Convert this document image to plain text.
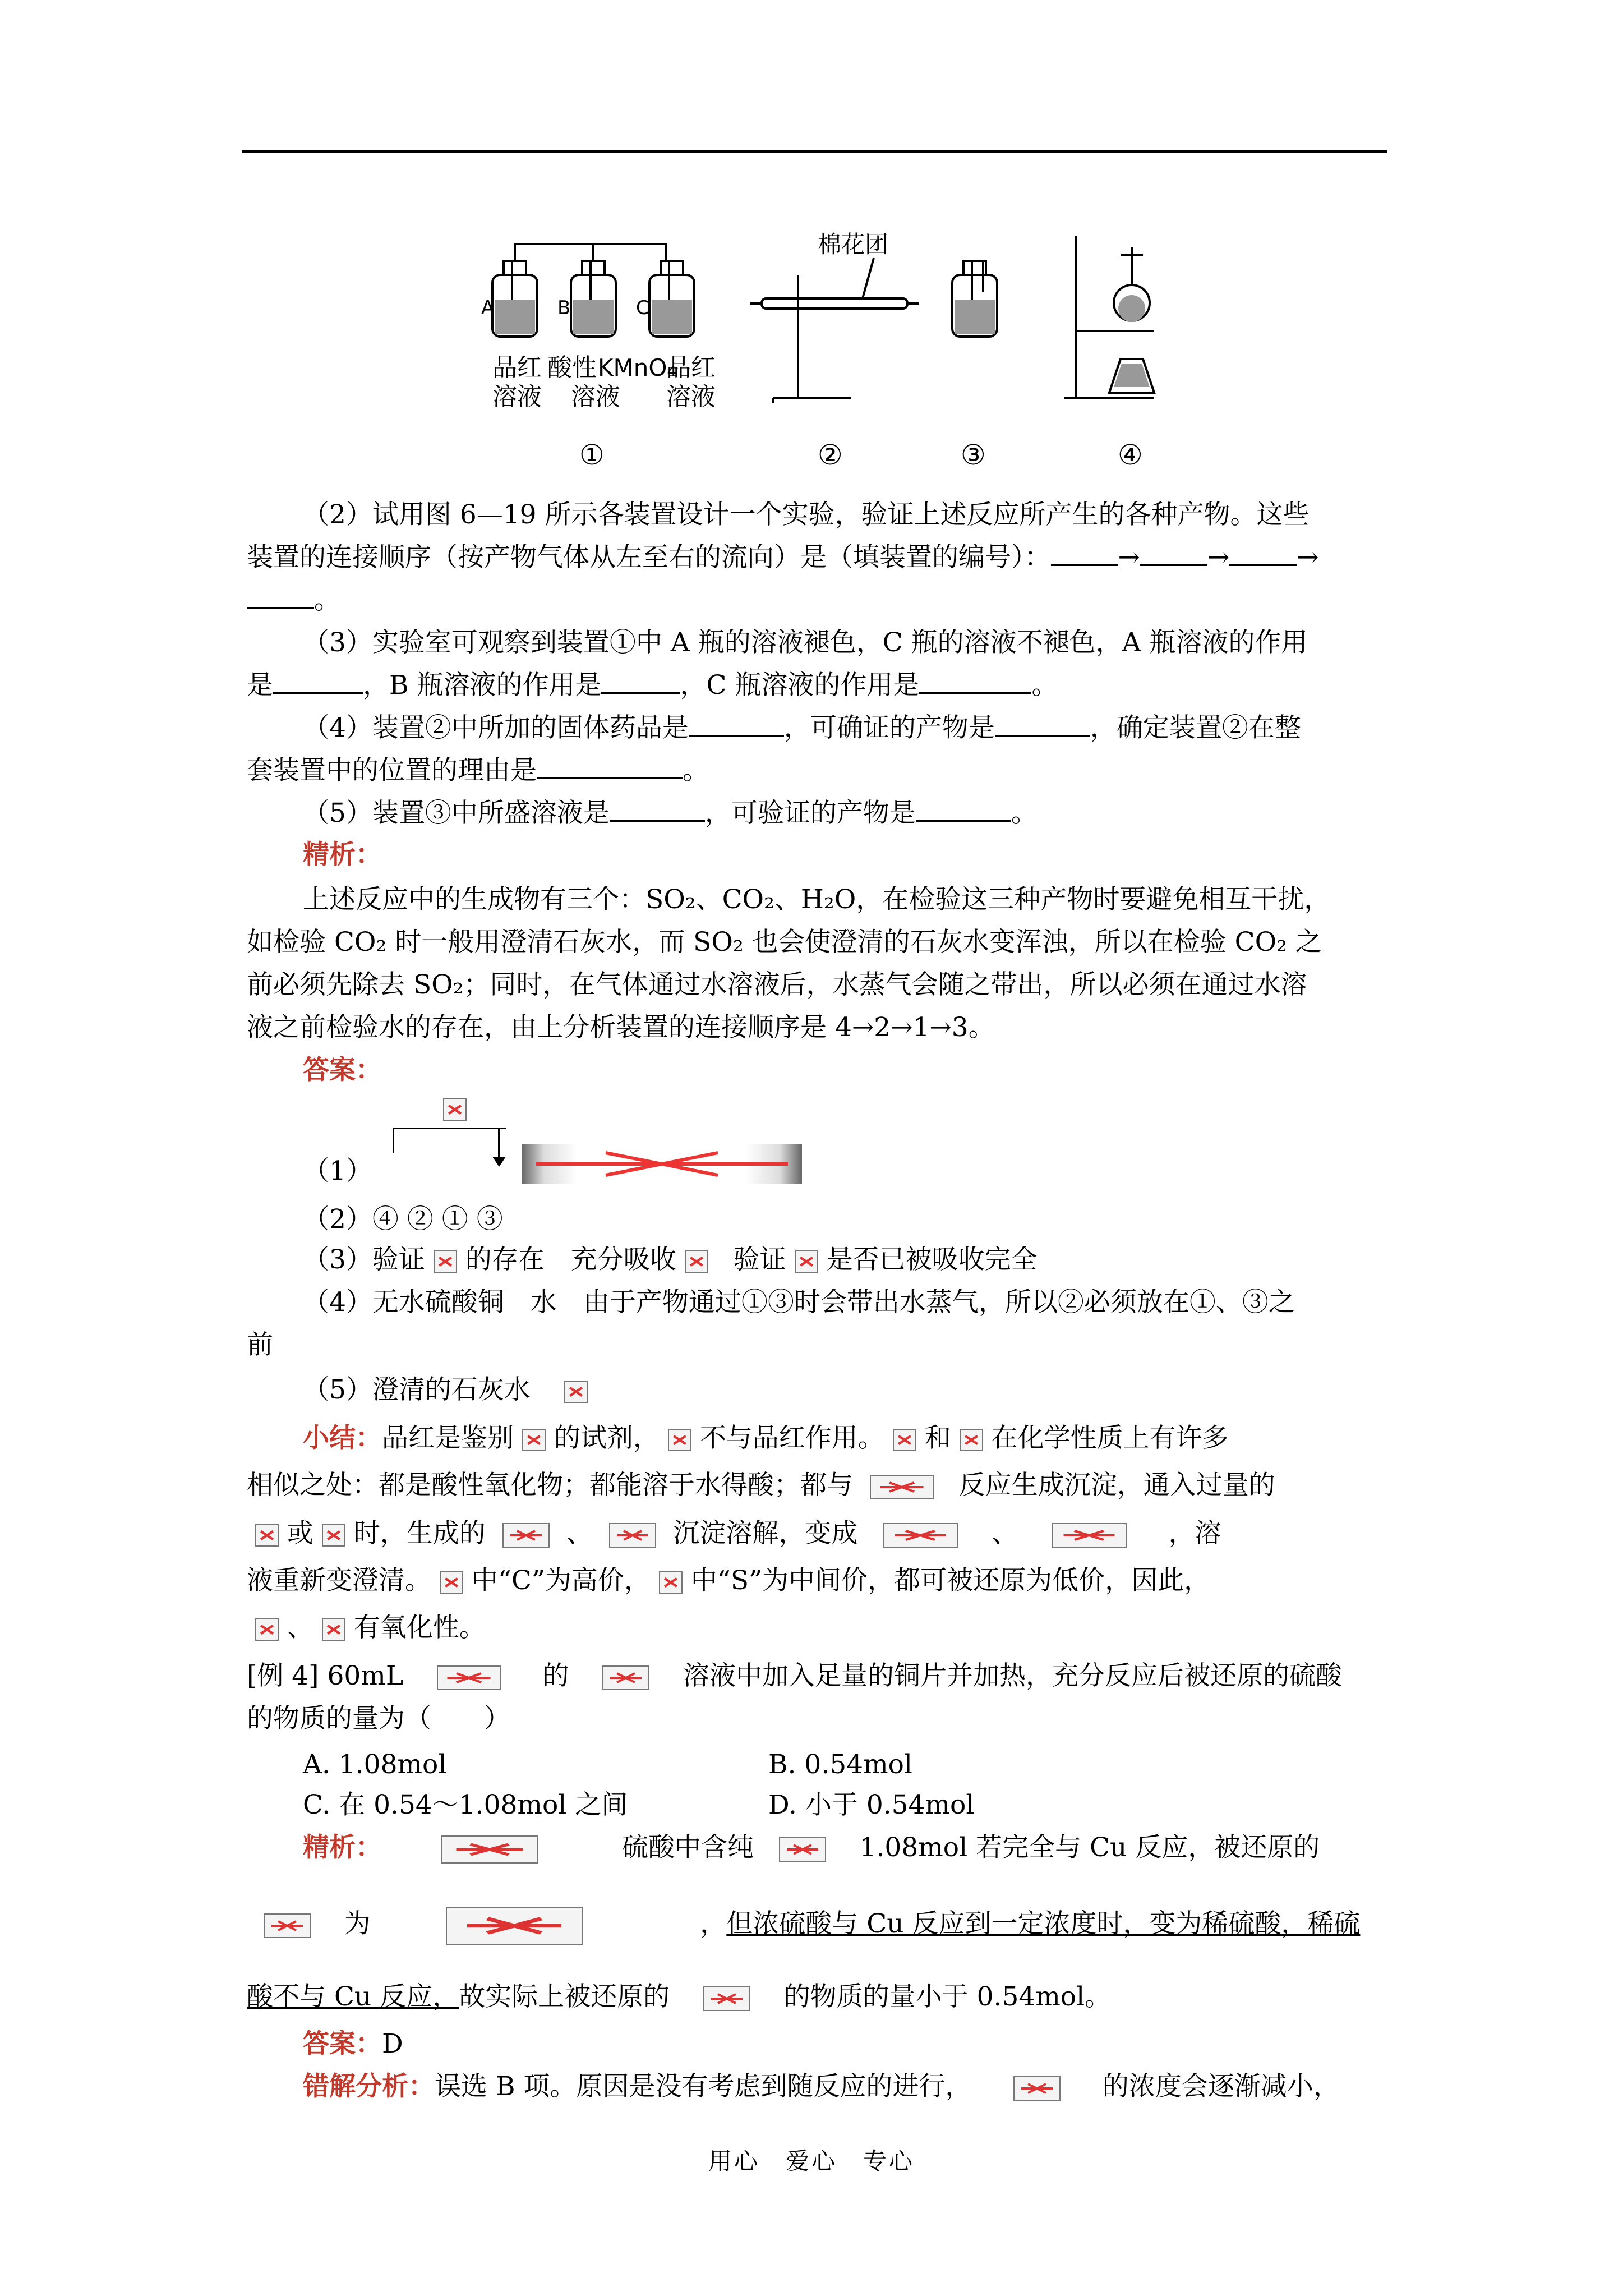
A	B	C
品红
溶液
酸性
溶液
KMnO₄
品红
溶液
棉花团
①	②	③	④
（2）试用图 6—19 所示各装置设计一个实验，验证上述反应所产生的各种产物。这些
装置的连接顺序（按产物气体从左至右的流向）是（填装置的编号）：	→	→	→
。
（3）实验室可观察到装置①中 A 瓶的溶液褪色，C 瓶的溶液不褪色，A 瓶溶液的作用
是	，B 瓶溶液的作用是	，C 瓶溶液的作用是	。
（4）装置②中所加的固体药品是	，可确证的产物是	，确定装置②在整
套装置中的位置的理由是	。
（5）装置③中所盛溶液是	，可验证的产物是	。
精析：
上述反应中的生成物有三个：SO₂、CO₂、H₂O，在检验这三种产物时要避免相互干扰，
如检验 CO₂ 时一般用澄清石灰水，而 SO₂ 也会使澄清的石灰水变浑浊，所以在检验 CO₂ 之
前必须先除去 SO₂；同时，在气体通过水溶液后，水蒸气会随之带出，所以必须在通过水溶
液之前检验水的存在，由上分析装置的连接顺序是 4→2→1→3。
答案：
（1）
（2）④ ② ① ③
（3）验证 的存在　充分吸收 验证 是否已被吸收完全
（4）无水硫酸铜　水　由于产物通过①③时会带出水蒸气，所以②必须放在①、③之
前
（5）澄清的石灰水
小结：品红是鉴别 的试剂， 不与品红作用。 和 在化学性质上有许多
相似之处：都是酸性氧化物；都能溶于水得酸；都与	反应生成沉淀，通入过量的

或 时，生成的	、	沉淀溶解，变成	、	，溶
液重新变澄清。 中“C”为高价， 中“S”为中间价，都可被还原为低价，因此，

、 有氧化性。
[例 4] 60mL	的	溶液中加入足量的铜片并加热，充分反应后被还原的硫酸
的物质的量为（　　）
A. 1.08mol	B. 0.54mol
C. 在 0.54～1.08mol 之间	D. 小于 0.54mol
精析：	硫酸中含纯	1.08mol 若完全与 Cu 反应，被还原的

为	，但浓硫酸与 Cu 反应到一定浓度时，变为稀硫酸，稀硫
酸不与 Cu 反应，故实际上被还原的	的物质的量小于 0.54mol。
答案：D
错解分析：误选 B 项。原因是没有考虑到随反应的进行，	的浓度会逐渐减小，
用心　爱心　专心
